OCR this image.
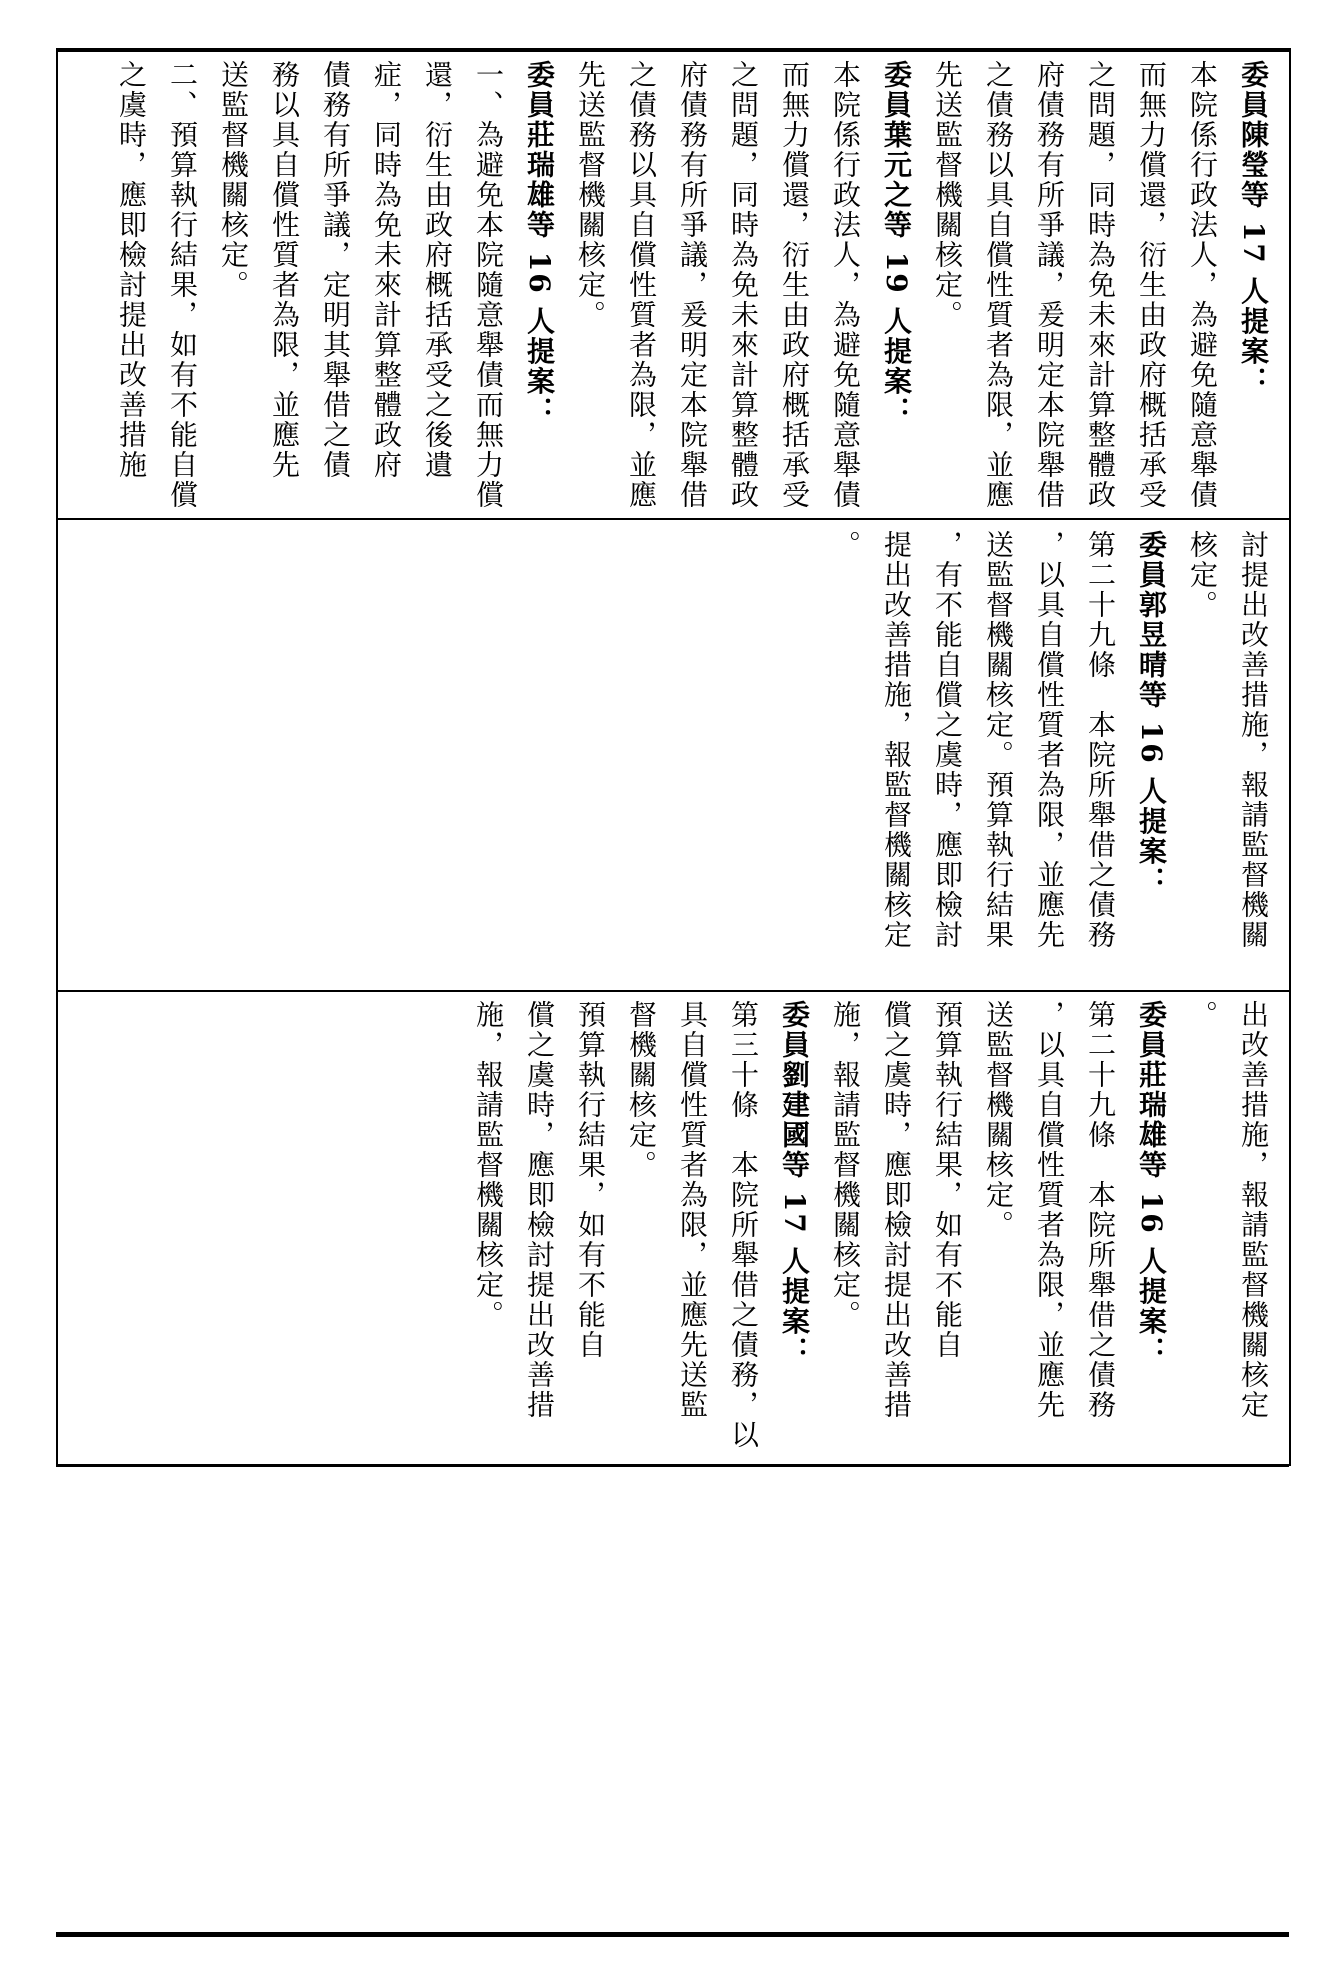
委員陳瑩等 17 人提案：

本院係行政法人，為避免隨意舉債

而無力償還，衍生由政府概括承受

之問題，同時為免未來計算整體政

府債務有所爭議，爰明定本院舉借

之債務以具自償性質者為限，並應

先送監督機關核定。

委員葉元之等 19 人提案：

本院係行政法人，為避免隨意舉債

而無力償還，衍生由政府概括承受

之問題，同時為免未來計算整體政

府債務有所爭議，爰明定本院舉借

之債務以具自償性質者為限，並應

先送監督機關核定。

委員莊瑞雄等 16 人提案：

一、為避免本院隨意舉債而無力償

還，衍生由政府概括承受之後遺

症，同時為免未來計算整體政府

債務有所爭議，定明其舉借之債

務以具自償性質者為限，並應先

送監督機關核定。

二、預算執行結果，如有不能自償

之虞時，應即檢討提出改善措施

討提出改善措施，報請監督機關

核定。

委員郭昱晴等 16 人提案：

第二十九條　本院所舉借之債務

，以具自償性質者為限，並應先

送監督機關核定。預算執行結果

，有不能自償之虞時，應即檢討

提出改善措施，報監督機關核定

。

出改善措施，報請監督機關核定

。

委員莊瑞雄等 16 人提案：

第二十九條　本院所舉借之債務

，以具自償性質者為限，並應先

送監督機關核定。

預算執行結果，如有不能自

償之虞時，應即檢討提出改善措

施，報請監督機關核定。

委員劉建國等 17 人提案：

第三十條　本院所舉借之債務，以

具自償性質者為限，並應先送監

督機關核定。

預算執行結果，如有不能自

償之虞時，應即檢討提出改善措

施，報請監督機關核定。
